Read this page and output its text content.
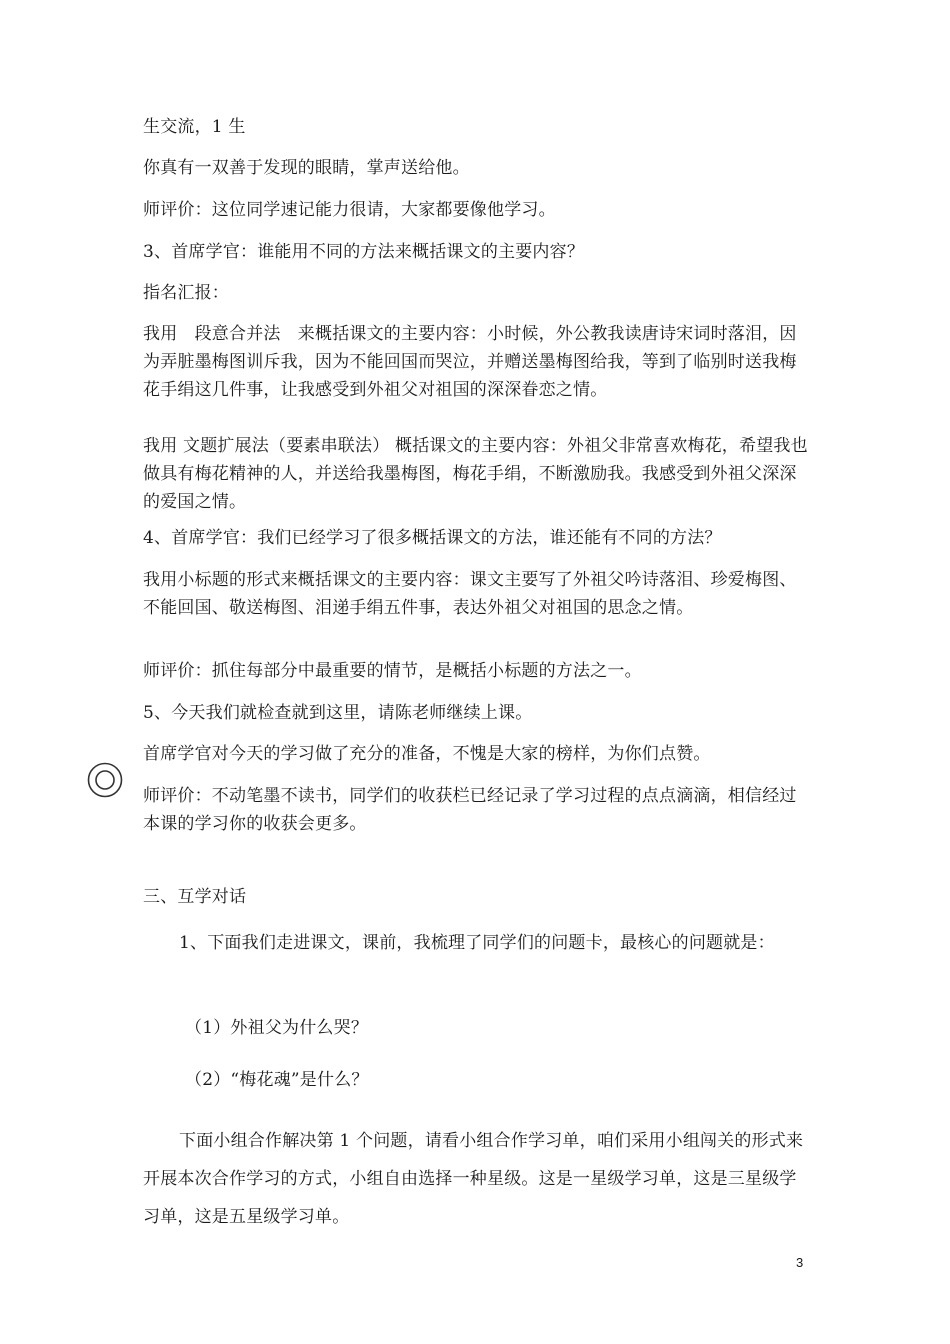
生交流，1 生

你真有一双善于发现的眼睛，掌声送给他。

师评价：这位同学速记能力很请，大家都要像他学习。

3、首席学官：谁能用不同的方法来概括课文的主要内容？

指名汇报：

我用　段意合并法　来概括课文的主要内容：小时候，外公教我读唐诗宋词时落泪，因为弄脏墨梅图训斥我，因为不能回国而哭泣，并赠送墨梅图给我，等到了临别时送我梅花手绢这几件事，让我感受到外祖父对祖国的深深眷恋之情。

我用 文题扩展法（要素串联法） 概括课文的主要内容：外祖父非常喜欢梅花，希望我也做具有梅花精神的人，并送给我墨梅图，梅花手绢，不断激励我。我感受到外祖父深深的爱国之情。

4、首席学官：我们已经学习了很多概括课文的方法，谁还能有不同的方法？

我用小标题的形式来概括课文的主要内容：课文主要写了外祖父吟诗落泪、珍爱梅图、不能回国、敬送梅图、泪递手绢五件事，表达外祖父对祖国的思念之情。

师评价：抓住每部分中最重要的情节，是概括小标题的方法之一。

5、今天我们就检查就到这里，请陈老师继续上课。

首席学官对今天的学习做了充分的准备，不愧是大家的榜样，为你们点赞。

师评价：不动笔墨不读书，同学们的收获栏已经记录了学习过程的点点滴滴，相信经过本课的学习你的收获会更多。

三、互学对话

1、下面我们走进课文，课前，我梳理了同学们的问题卡，最核心的问题就是：

（1）外祖父为什么哭？

（2）“梅花魂”是什么？

下面小组合作解决第 1 个问题，请看小组合作学习单，咱们采用小组闯关的形式来开展本次合作学习的方式，小组自由选择一种星级。这是一星级学习单，这是三星级学习单，这是五星级学习单。

3
